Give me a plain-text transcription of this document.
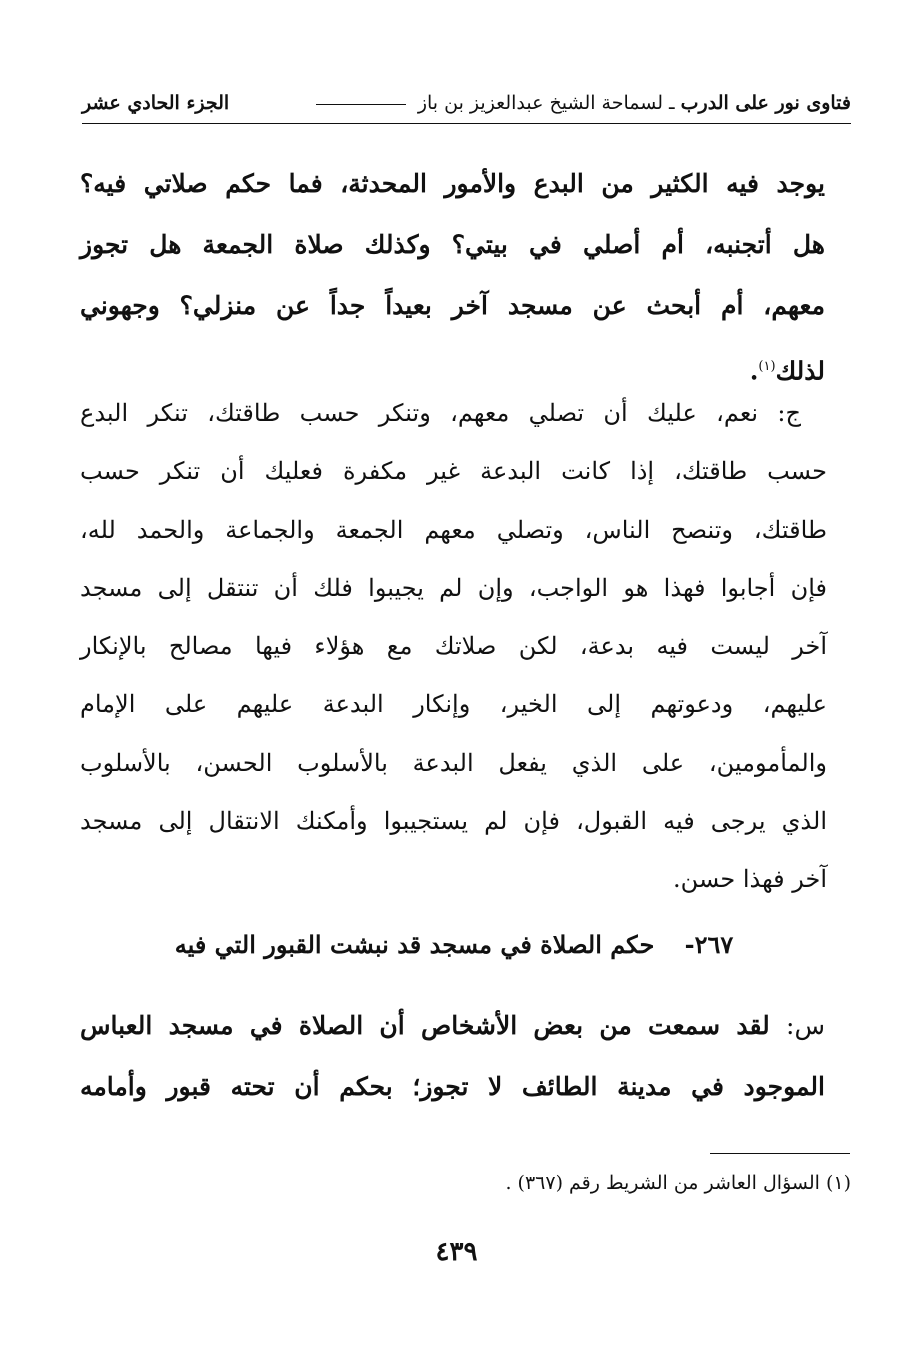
فتاوى نور على الدرب ـ لسماحة الشيخ عبدالعزيز بن باز
الجزء الحادي عشر
يوجد فيه الكثير من البدع والأمور المحدثة، فما حكم صلاتي فيه؟
هل أتجنبه، أم أصلي في بيتي؟ وكذلك صلاة الجمعة هل تجوز
معهم، أم أبحث عن مسجد آخر بعيداً جداً عن منزلي؟ وجهوني
لذلك$^{(١)}$.
ج: نعم، عليك أن تصلي معهم، وتنكر حسب طاقتك، تنكر البدع
حسب طاقتك، إذا كانت البدعة غير مكفرة فعليك أن تنكر حسب
طاقتك، وتنصح الناس، وتصلي معهم الجمعة والجماعة والحمد لله،
فإن أجابوا فهذا هو الواجب، وإن لم يجيبوا فلك أن تنتقل إلى مسجد
آخر ليست فيه بدعة، لكن صلاتك مع هؤلاء فيها مصالح بالإنكار
عليهم، ودعوتهم إلى الخير، وإنكار البدعة عليهم على الإمام
والمأمومين، على الذي يفعل البدعة بالأسلوب الحسن، بالأسلوب
الذي يرجى فيه القبول، فإن لم يستجيبوا وأمكنك الانتقال إلى مسجد
آخر فهذا حسن.
٢٦٧- حكم الصلاة في مسجد قد نبشت القبور التي فيه
س: لقد سمعت من بعض الأشخاص أن الصلاة في مسجد العباس
الموجود في مدينة الطائف لا تجوز؛ بحكم أن تحته قبور وأمامه
(١) السؤال العاشر من الشريط رقم (٣٦٧) .
٤٣٩
